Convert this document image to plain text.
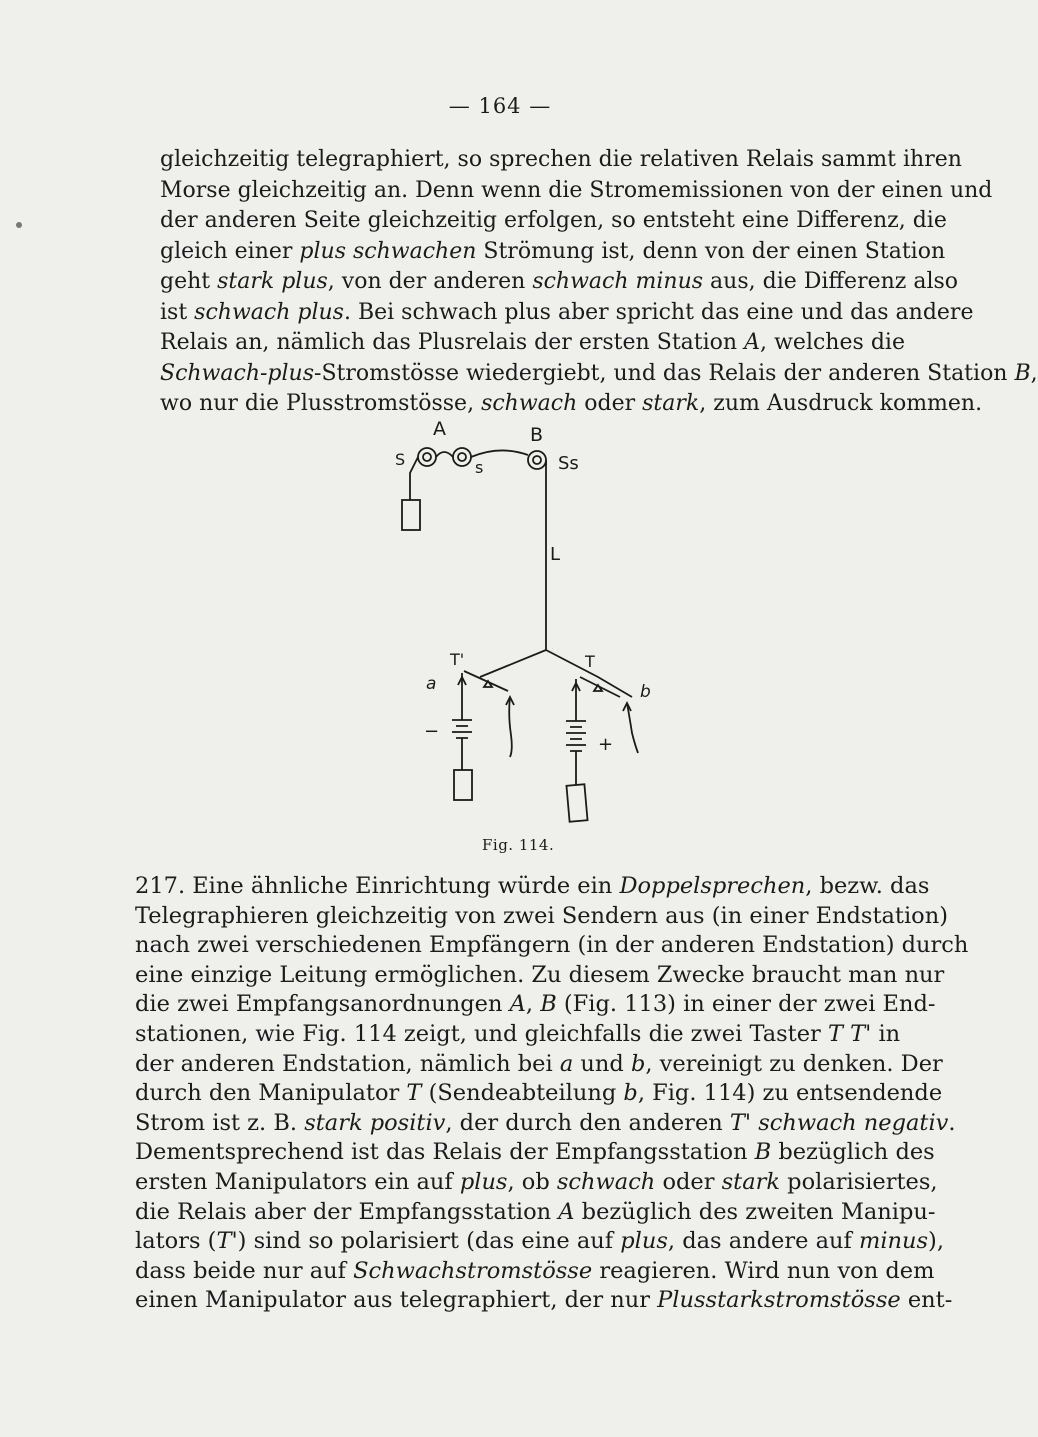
— 164 —
gleichzeitig telegraphiert, so sprechen die relativen Relais sammt ihren
Morse gleichzeitig an. Denn wenn die Stromemissionen von der einen und
der anderen Seite gleichzeitig erfolgen, so entsteht eine Differenz, die
gleich einer plus schwachen Strömung ist, denn von der einen Station
geht stark plus, von der anderen schwach minus aus, die Differenz also
ist schwach plus. Bei schwach plus aber spricht das eine und das andere
Relais an, nämlich das Plusrelais der ersten Station A, welches die
Schwach-plus-Stromstösse wiedergiebt, und das Relais der anderen Station B,
wo nur die Plusstromstösse, schwach oder stark, zum Ausdruck kommen.
A	B
S	s	Ss
L
T'	T
a	b
−
+
Fig. 114.
217. Eine ähnliche Einrichtung würde ein Doppelsprechen, bezw. das
Telegraphieren gleichzeitig von zwei Sendern aus (in einer Endstation)
nach zwei verschiedenen Empfängern (in der anderen Endstation) durch
eine einzige Leitung ermöglichen. Zu diesem Zwecke braucht man nur
die zwei Empfangsanordnungen A, B (Fig. 113) in einer der zwei End-
stationen, wie Fig. 114 zeigt, und gleichfalls die zwei Taster T T' in
der anderen Endstation, nämlich bei a und b, vereinigt zu denken. Der
durch den Manipulator T (Sendeabteilung b, Fig. 114) zu entsendende
Strom ist z. B. stark positiv, der durch den anderen T' schwach negativ.
Dementsprechend ist das Relais der Empfangsstation B bezüglich des
ersten Manipulators ein auf plus, ob schwach oder stark polarisiertes,
die Relais aber der Empfangsstation A bezüglich des zweiten Manipu-
lators (T') sind so polarisiert (das eine auf plus, das andere auf minus),
dass beide nur auf Schwachstromstösse reagieren. Wird nun von dem
einen Manipulator aus telegraphiert, der nur Plusstarkstromstösse ent-
